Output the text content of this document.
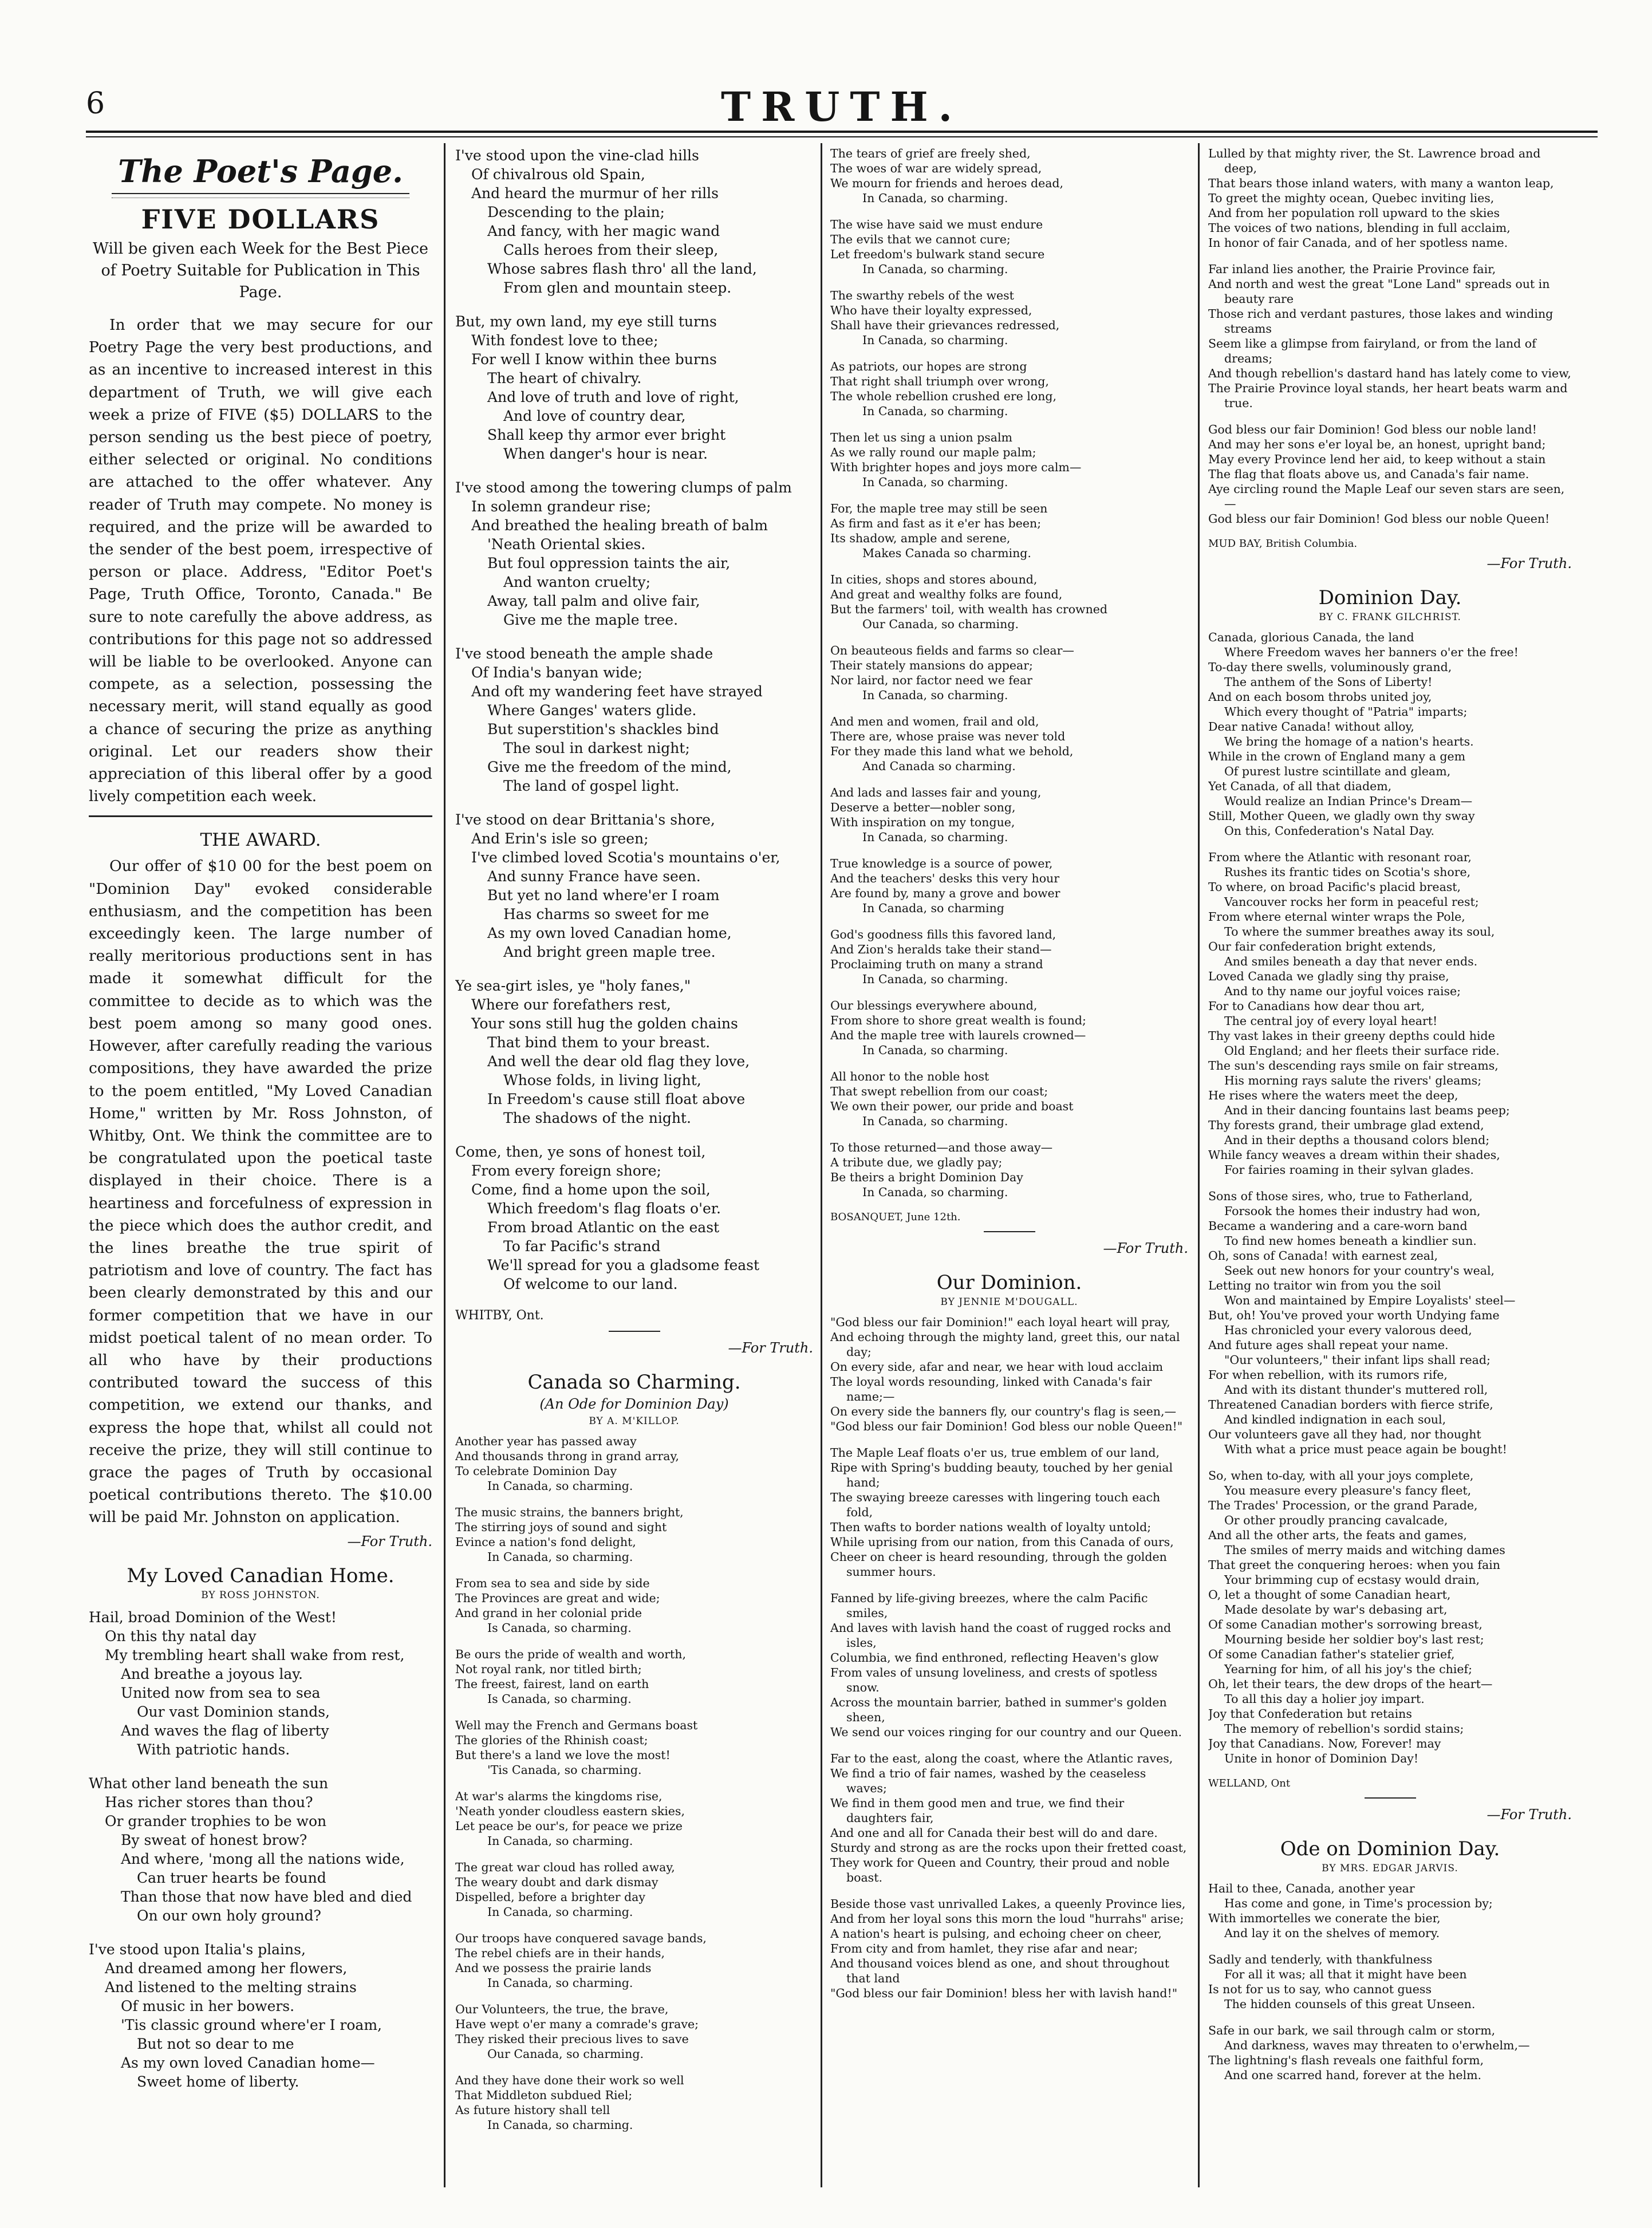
6	TRUTH.
The Poet's Page.
FIVE DOLLARS
Will be given each Week for the Best Piece of Poetry Suitable for Publication in This Page.

In order that we may secure for our Poetry Page the very best productions, and as an incentive to increased interest in this department of Truth, we will give each week a prize of FIVE ($5) DOLLARS to the person sending us the best piece of poetry, either selected or original. No conditions are attached to the offer whatever. Any reader of Truth may compete. No money is required, and the prize will be awarded to the sender of the best poem, irrespective of person or place. Address, "Editor Poet's Page, Truth Office, Toronto, Canada." Be sure to note carefully the above address, as contributions for this page not so addressed will be liable to be overlooked. Anyone can compete, as a selection, possessing the necessary merit, will stand equally as good a chance of securing the prize as anything original. Let our readers show their appreciation of this liberal offer by a good lively competition each week.

THE AWARD.

Our offer of $10 00 for the best poem on "Dominion Day" evoked considerable enthusiasm, and the competition has been exceedingly keen. The large number of really meritorious productions sent in has made it somewhat difficult for the committee to decide as to which was the best poem among so many good ones. However, after carefully reading the various compositions, they have awarded the prize to the poem entitled, "My Loved Canadian Home," written by Mr. Ross Johnston, of Whitby, Ont. We think the committee are to be congratulated upon the poetical taste displayed in their choice. There is a heartiness and forcefulness of expression in the piece which does the author credit, and the lines breathe the true spirit of patriotism and love of country. The fact has been clearly demonstrated by this and our former competition that we have in our midst poetical talent of no mean order. To all who have by their productions contributed toward the success of this competition, we extend our thanks, and express the hope that, whilst all could not receive the prize, they will still continue to grace the pages of Truth by occasional poetical contributions thereto. The $10.00 will be paid Mr. Johnston on application.

—For Truth.
My Loved Canadian Home.
BY ROSS JOHNSTON.
Hail, broad Dominion of the West!
On this thy natal day
My trembling heart shall wake from rest,
And breathe a joyous lay.
United now from sea to sea
Our vast Dominion stands,
And waves the flag of liberty
With patriotic hands.
What other land beneath the sun
Has richer stores than thou?
Or grander trophies to be won
By sweat of honest brow?
And where, 'mong all the nations wide,
Can truer hearts be found
Than those that now have bled and died
On our own holy ground?
I've stood upon Italia's plains,
And dreamed among her flowers,
And listened to the melting strains
Of music in her bowers.
'Tis classic ground where'er I roam,
But not so dear to me
As my own loved Canadian home—
Sweet home of liberty.
I've stood upon the vine-clad hills
Of chivalrous old Spain,
And heard the murmur of her rills
Descending to the plain;
And fancy, with her magic wand
Calls heroes from their sleep,
Whose sabres flash thro' all the land,
From glen and mountain steep.
But, my own land, my eye still turns
With fondest love to thee;
For well I know within thee burns
The heart of chivalry.
And love of truth and love of right,
And love of country dear,
Shall keep thy armor ever bright
When danger's hour is near.
I've stood among the towering clumps of palm
In solemn grandeur rise;
And breathed the healing breath of balm
'Neath Oriental skies.
But foul oppression taints the air,
And wanton cruelty;
Away, tall palm and olive fair,
Give me the maple tree.
I've stood beneath the ample shade
Of India's banyan wide;
And oft my wandering feet have strayed
Where Ganges' waters glide.
But superstition's shackles bind
The soul in darkest night;
Give me the freedom of the mind,
The land of gospel light.
I've stood on dear Brittania's shore,
And Erin's isle so green;
I've climbed loved Scotia's mountains o'er,
And sunny France have seen.
But yet no land where'er I roam
Has charms so sweet for me
As my own loved Canadian home,
And bright green maple tree.
Ye sea-girt isles, ye "holy fanes,"
Where our forefathers rest,
Your sons still hug the golden chains
That bind them to your breast.
And well the dear old flag they love,
Whose folds, in living light,
In Freedom's cause still float above
The shadows of the night.
Come, then, ye sons of honest toil,
From every foreign shore;
Come, find a home upon the soil,
Which freedom's flag floats o'er.
From broad Atlantic on the east
To far Pacific's strand
We'll spread for you a gladsome feast
Of welcome to our land.
WHITBY, Ont.
—For Truth.
Canada so Charming.
(An Ode for Dominion Day)
BY A. M'KILLOP.
Another year has passed away
And thousands throng in grand array,
To celebrate Dominion Day
In Canada, so charming.
The music strains, the banners bright,
The stirring joys of sound and sight
Evince a nation's fond delight,
In Canada, so charming.
From sea to sea and side by side
The Provinces are great and wide;
And grand in her colonial pride
Is Canada, so charming.
Be ours the pride of wealth and worth,
Not royal rank, nor titled birth;
The freest, fairest, land on earth
Is Canada, so charming.
Well may the French and Germans boast
The glories of the Rhinish coast;
But there's a land we love the most!
'Tis Canada, so charming.
At war's alarms the kingdoms rise,
'Neath yonder cloudless eastern skies,
Let peace be our's, for peace we prize
In Canada, so charming.
The great war cloud has rolled away,
The weary doubt and dark dismay
Dispelled, before a brighter day
In Canada, so charming.
Our troops have conquered savage bands,
The rebel chiefs are in their hands,
And we possess the prairie lands
In Canada, so charming.
Our Volunteers, the true, the brave,
Have wept o'er many a comrade's grave;
They risked their precious lives to save
Our Canada, so charming.
And they have done their work so well
That Middleton subdued Riel;
As future history shall tell
In Canada, so charming.
The tears of grief are freely shed,
The woes of war are widely spread,
We mourn for friends and heroes dead,
In Canada, so charming.
The wise have said we must endure
The evils that we cannot cure;
Let freedom's bulwark stand secure
In Canada, so charming.
The swarthy rebels of the west
Who have their loyalty expressed,
Shall have their grievances redressed,
In Canada, so charming.
As patriots, our hopes are strong
That right shall triumph over wrong,
The whole rebellion crushed ere long,
In Canada, so charming.
Then let us sing a union psalm
As we rally round our maple palm;
With brighter hopes and joys more calm—
In Canada, so charming.
For, the maple tree may still be seen
As firm and fast as it e'er has been;
Its shadow, ample and serene,
Makes Canada so charming.
In cities, shops and stores abound,
And great and wealthy folks are found,
But the farmers' toil, with wealth has crowned
Our Canada, so charming.
On beauteous fields and farms so clear—
Their stately mansions do appear;
Nor laird, nor factor need we fear
In Canada, so charming.
And men and women, frail and old,
There are, whose praise was never told
For they made this land what we behold,
And Canada so charming.
And lads and lasses fair and young,
Deserve a better—nobler song,
With inspiration on my tongue,
In Canada, so charming.
True knowledge is a source of power,
And the teachers' desks this very hour
Are found by, many a grove and bower
In Canada, so charming
God's goodness fills this favored land,
And Zion's heralds take their stand—
Proclaiming truth on many a strand
In Canada, so charming.
Our blessings everywhere abound,
From shore to shore great wealth is found;
And the maple tree with laurels crowned—
In Canada, so charming.
All honor to the noble host
That swept rebellion from our coast;
We own their power, our pride and boast
In Canada, so charming.
To those returned—and those away—
A tribute due, we gladly pay;
Be theirs a bright Dominion Day
In Canada, so charming.
BOSANQUET, June 12th.
—For Truth.
Our Dominion.
BY JENNIE M'DOUGALL.
"God bless our fair Dominion!" each loyal heart will pray,
And echoing through the mighty land, greet this, our natal day;
On every side, afar and near, we hear with loud acclaim
The loyal words resounding, linked with Canada's fair name;—
On every side the banners fly, our country's flag is seen,—
"God bless our fair Dominion! God bless our noble Queen!"
The Maple Leaf floats o'er us, true emblem of our land,
Ripe with Spring's budding beauty, touched by her genial hand;
The swaying breeze caresses with lingering touch each fold,
Then wafts to border nations wealth of loyalty untold;
While uprising from our nation, from this Canada of ours,
Cheer on cheer is heard resounding, through the golden summer hours.
Fanned by life-giving breezes, where the calm Pacific smiles,
And laves with lavish hand the coast of rugged rocks and isles,
Columbia, we find enthroned, reflecting Heaven's glow
From vales of unsung loveliness, and crests of spotless snow.
Across the mountain barrier, bathed in summer's golden sheen,
We send our voices ringing for our country and our Queen.
Far to the east, along the coast, where the Atlantic raves,
We find a trio of fair names, washed by the ceaseless waves;
We find in them good men and true, we find their daughters fair,
And one and all for Canada their best will do and dare.
Sturdy and strong as are the rocks upon their fretted coast,
They work for Queen and Country, their proud and noble boast.
Beside those vast unrivalled Lakes, a queenly Province lies,
And from her loyal sons this morn the loud "hurrahs" arise;
A nation's heart is pulsing, and echoing cheer on cheer,
From city and from hamlet, they rise afar and near;
And thousand voices blend as one, and shout throughout that land
"God bless our fair Dominion! bless her with lavish hand!"
Lulled by that mighty river, the St. Lawrence broad and deep,
That bears those inland waters, with many a wanton leap,
To greet the mighty ocean, Quebec inviting lies,
And from her population roll upward to the skies
The voices of two nations, blending in full acclaim,
In honor of fair Canada, and of her spotless name.
Far inland lies another, the Prairie Province fair,
And north and west the great "Lone Land" spreads out in beauty rare
Those rich and verdant pastures, those lakes and winding streams
Seem like a glimpse from fairyland, or from the land of dreams;
And though rebellion's dastard hand has lately come to view,
The Prairie Province loyal stands, her heart beats warm and true.
God bless our fair Dominion! God bless our noble land!
And may her sons e'er loyal be, an honest, upright band;
May every Province lend her aid, to keep without a stain
The flag that floats above us, and Canada's fair name.
Aye circling round the Maple Leaf our seven stars are seen,—
God bless our fair Dominion! God bless our noble Queen!
MUD BAY, British Columbia.
—For Truth.
Dominion Day.
BY C. FRANK GILCHRIST.
Canada, glorious Canada, the land
Where Freedom waves her banners o'er the free!
To-day there swells, voluminously grand,
The anthem of the Sons of Liberty!
And on each bosom throbs united joy,
Which every thought of "Patria" imparts;
Dear native Canada! without alloy,
We bring the homage of a nation's hearts.
While in the crown of England many a gem
Of purest lustre scintillate and gleam,
Yet Canada, of all that diadem,
Would realize an Indian Prince's Dream—
Still, Mother Queen, we gladly own thy sway
On this, Confederation's Natal Day.
From where the Atlantic with resonant roar,
Rushes its frantic tides on Scotia's shore,
To where, on broad Pacific's placid breast,
Vancouver rocks her form in peaceful rest;
From where eternal winter wraps the Pole,
To where the summer breathes away its soul,
Our fair confederation bright extends,
And smiles beneath a day that never ends.
Loved Canada we gladly sing thy praise,
And to thy name our joyful voices raise;
For to Canadians how dear thou art,
The central joy of every loyal heart!
Thy vast lakes in their greeny depths could hide
Old England; and her fleets their surface ride.
The sun's descending rays smile on fair streams,
His morning rays salute the rivers' gleams;
He rises where the waters meet the deep,
And in their dancing fountains last beams peep;
Thy forests grand, their umbrage glad extend,
And in their depths a thousand colors blend;
While fancy weaves a dream within their shades,
For fairies roaming in their sylvan glades.
Sons of those sires, who, true to Fatherland,
Forsook the homes their industry had won,
Became a wandering and a care-worn band
To find new homes beneath a kindlier sun.
Oh, sons of Canada! with earnest zeal,
Seek out new honors for your country's weal,
Letting no traitor win from you the soil
Won and maintained by Empire Loyalists' steel—
But, oh! You've proved your worth Undying fame
Has chronicled your every valorous deed,
And future ages shall repeat your name.
"Our volunteers," their infant lips shall read;
For when rebellion, with its rumors rife,
And with its distant thunder's muttered roll,
Threatened Canadian borders with fierce strife,
And kindled indignation in each soul,
Our volunteers gave all they had, nor thought
With what a price must peace again be bought!
So, when to-day, with all your joys complete,
You measure every pleasure's fancy fleet,
The Trades' Procession, or the grand Parade,
Or other proudly prancing cavalcade,
And all the other arts, the feats and games,
The smiles of merry maids and witching dames
That greet the conquering heroes: when you fain
Your brimming cup of ecstasy would drain,
O, let a thought of some Canadian heart,
Made desolate by war's debasing art,
Of some Canadian mother's sorrowing breast,
Mourning beside her soldier boy's last rest;
Of some Canadian father's statelier grief,
Yearning for him, of all his joy's the chief;
Oh, let their tears, the dew drops of the heart—
To all this day a holier joy impart.
Joy that Confederation but retains
The memory of rebellion's sordid stains;
Joy that Canadians. Now, Forever! may
Unite in honor of Dominion Day!
WELLAND, Ont
—For Truth.
Ode on Dominion Day.
BY MRS. EDGAR JARVIS.
Hail to thee, Canada, another year
Has come and gone, in Time's procession by;
With immortelles we conerate the bier,
And lay it on the shelves of memory.
Sadly and tenderly, with thankfulness
For all it was; all that it might have been
Is not for us to say, who cannot guess
The hidden counsels of this great Unseen.
Safe in our bark, we sail through calm or storm,
And darkness, waves may threaten to o'erwhelm,—
The lightning's flash reveals one faithful form,
And one scarred hand, forever at the helm.
